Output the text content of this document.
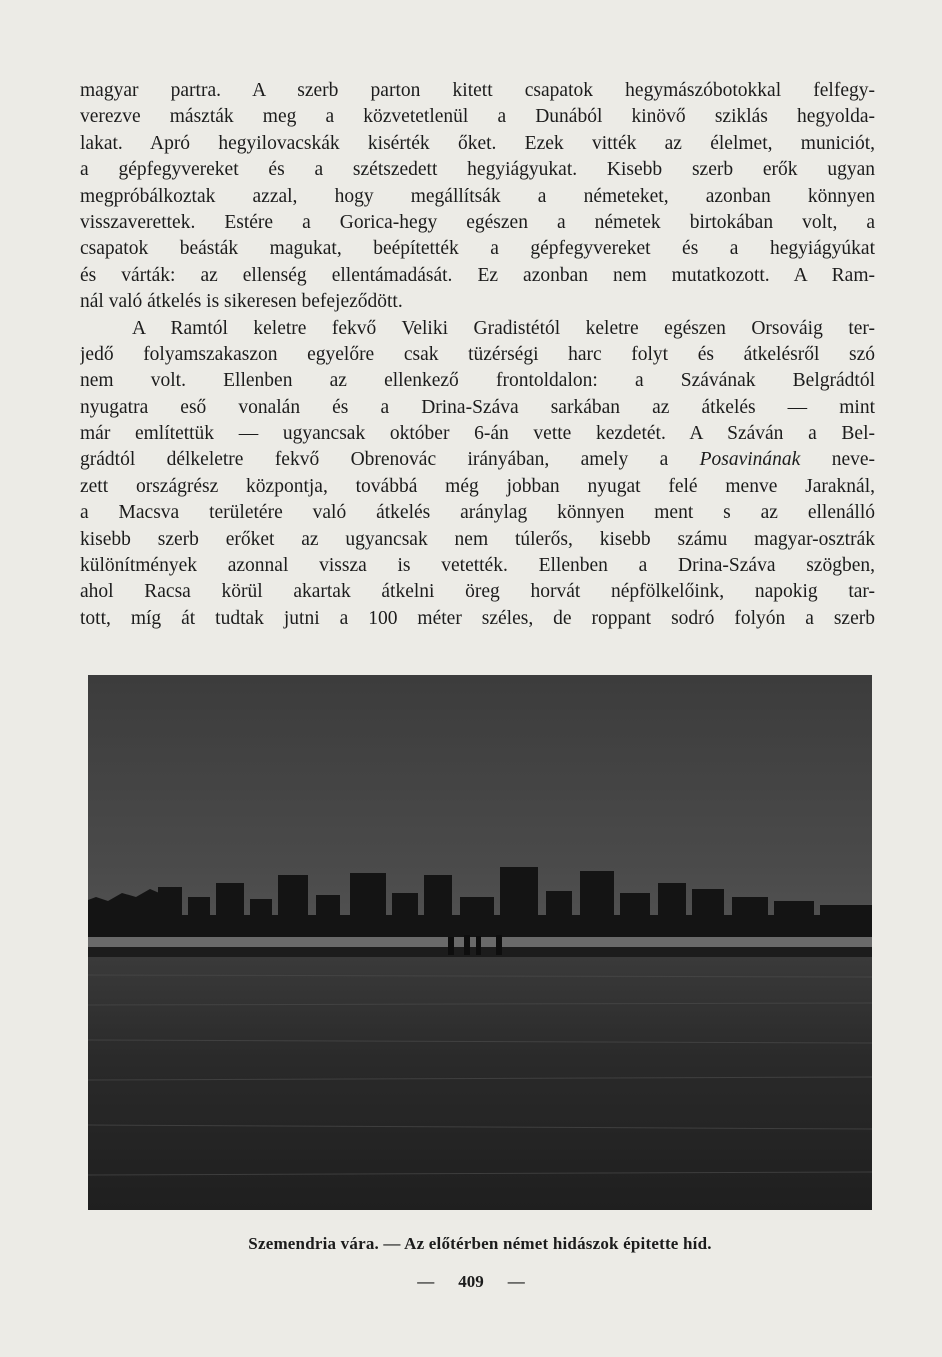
magyar partra. A szerb parton kitett csapatok hegymászóbotokkal felfegy-
verezve mászták meg a közvetetlenül a Dunából kinövő sziklás hegyolda-
lakat. Apró hegyilovacskák kisérték őket. Ezek vitték az élelmet, municiót,
a gépfegyvereket és a szétszedett hegyiágyukat. Kisebb szerb erők ugyan
megpróbálkoztak azzal, hogy megállítsák a németeket, azonban könnyen
visszaverettek. Estére a Gorica-hegy egészen a németek birtokában volt, a
csapatok beásták magukat, beépítették a gépfegyvereket és a hegyiágyúkat
és várták: az ellenség ellentámadását. Ez azonban nem mutatkozott. A Ram-
nál való átkelés is sikeresen befejeződött.
A Ramtól keletre fekvő Veliki Gradistétól keletre egészen Orsováig ter-
jedő folyamszakaszon egyelőre csak tüzérségi harc folyt és átkelésről szó
nem volt. Ellenben az ellenkező frontoldalon: a Szávának Belgrádtól
nyugatra eső vonalán és a Drina-Száva sarkában az átkelés — mint
már említettük — ugyancsak október 6-án vette kezdetét. A Száván a Bel-
grádtól délkeletre fekvő Obrenovác irányában, amely a Posavinának neve-
zett országrész központja, továbbá még jobban nyugat felé menve Jaraknál,
a Macsva területére való átkelés aránylag könnyen ment s az ellenálló
kisebb szerb erőket az ugyancsak nem túlerős, kisebb számu magyar-osztrák
különítmények azonnal vissza is vetették. Ellenben a Drina-Száva szögben,
ahol Racsa körül akartak átkelni öreg horvát népfölkelőink, napokig tar-
tott, míg át tudtak jutni a 100 méter széles, de roppant sodró folyón a szerb
Szemendria vára. — Az előtérben német hidászok épitette híd.
— 409 —
